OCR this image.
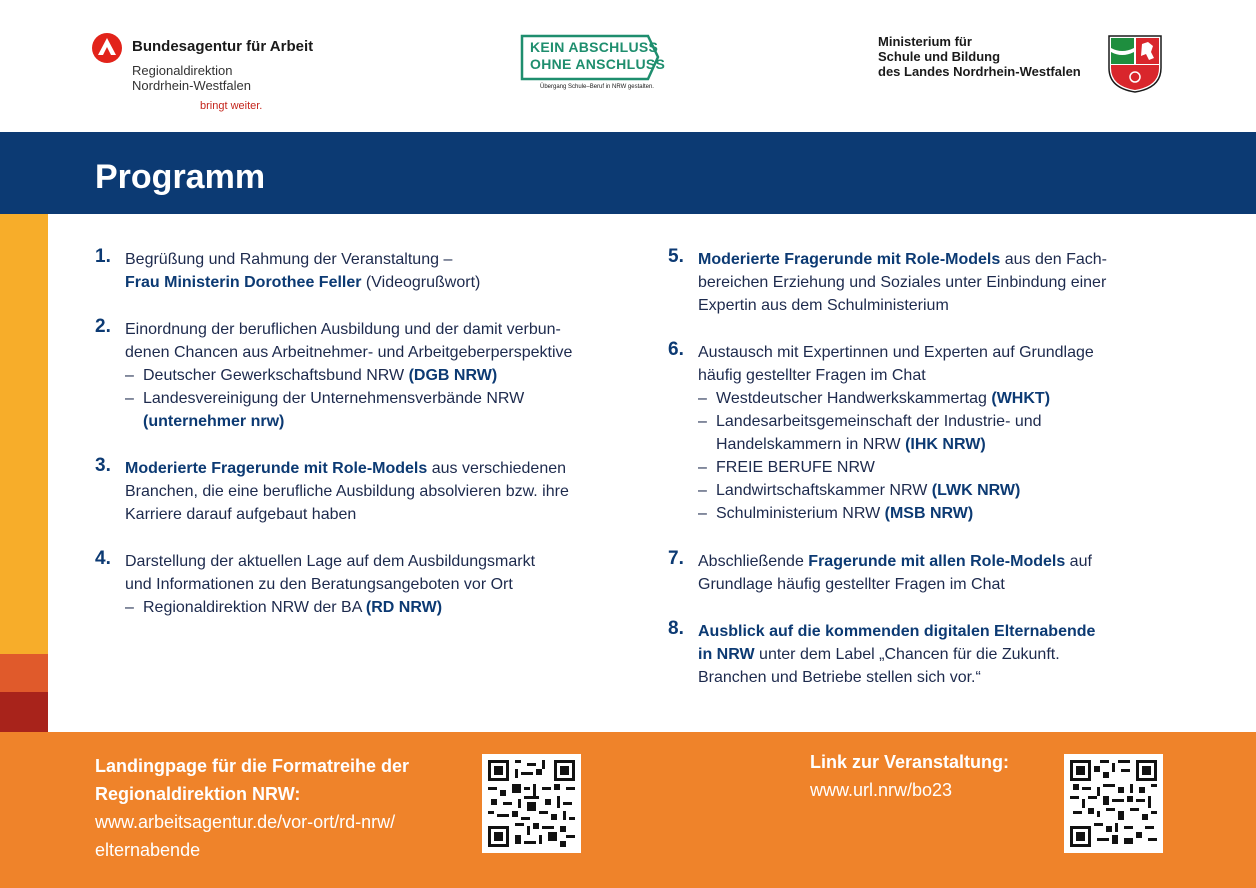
Bundesagentur für Arbeit
Regionaldirektion
Nordrhein-Westfalen
bringt weiter.
KEIN ABSCHLUSS
OHNE ANSCHLUSS
Übergang Schule–Beruf in NRW gestalten.
Ministerium für
Schule und Bildung
des Landes Nordrhein-Westfalen
Programm
1. Begrüßung und Rahmung der Veranstaltung –
Frau Ministerin Dorothee Feller (Videogrußwort)
2. Einordnung der beruflichen Ausbildung und der damit verbun-
denen Chancen aus Arbeitnehmer- und Arbeitgeberperspektive
– Deutscher Gewerkschaftsbund NRW (DGB NRW)
– Landesvereinigung der Unternehmensverbände NRW
(unternehmer nrw)
3. Moderierte Fragerunde mit Role-Models aus verschiedenen
Branchen, die eine berufliche Ausbildung absolvieren bzw. ihre
Karriere darauf aufgebaut haben
4. Darstellung der aktuellen Lage auf dem Ausbildungsmarkt
und Informationen zu den Beratungsangeboten vor Ort
– Regionaldirektion NRW der BA (RD NRW)
5. Moderierte Fragerunde mit Role-Models aus den Fach-
bereichen Erziehung und Soziales unter Einbindung einer
Expertin aus dem Schulministerium
6. Austausch mit Expertinnen und Experten auf Grundlage
häufig gestellter Fragen im Chat
– Westdeutscher Handwerkskammertag (WHKT)
– Landesarbeitsgemeinschaft der Industrie- und
Handelskammern in NRW (IHK NRW)
– FREIE BERUFE NRW
– Landwirtschaftskammer NRW (LWK NRW)
– Schulministerium NRW (MSB NRW)
7. Abschließende Fragerunde mit allen Role-Models auf
Grundlage häufig gestellter Fragen im Chat
8. Ausblick auf die kommenden digitalen Elternabende
in NRW unter dem Label „Chancen für die Zukunft.
Branchen und Betriebe stellen sich vor.“
Landingpage für die Formatreihe der
Regionaldirektion NRW:
www.arbeitsagentur.de/vor-ort/rd-nrw/
elternabende
Link zur Veranstaltung:
www.url.nrw/bo23
